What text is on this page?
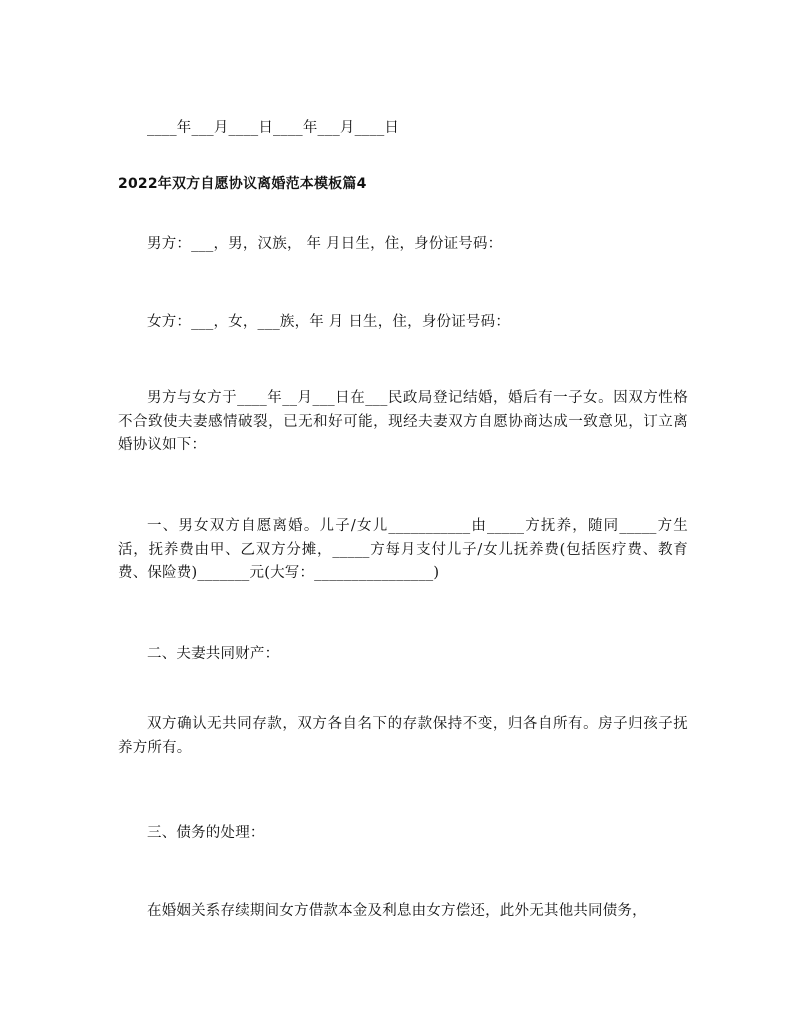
____年___月____日____年___月____日
2022年双方自愿协议离婚范本模板篇4
男方：___，男，汉族， 年 月日生，住，身份证号码：
女方：___，女，___族，年 月 日生，住，身份证号码：
男方与女方于____年__月___日在___民政局登记结婚，婚后有一子女。因双方性格不合致使夫妻感情破裂，已无和好可能，现经夫妻双方自愿协商达成一致意见，订立离婚协议如下：
一、男女双方自愿离婚。儿子/女儿___________由_____方抚养，随同_____方生活，抚养费由甲、乙双方分摊，_____方每月支付儿子/女儿抚养费(包括医疗费、教育费、保险费)_______元(大写：________________)
二、夫妻共同财产：
双方确认无共同存款，双方各自名下的存款保持不变，归各自所有。房子归孩子抚养方所有。
三、债务的处理：
在婚姻关系存续期间女方借款本金及利息由女方偿还，此外无其他共同债务，
